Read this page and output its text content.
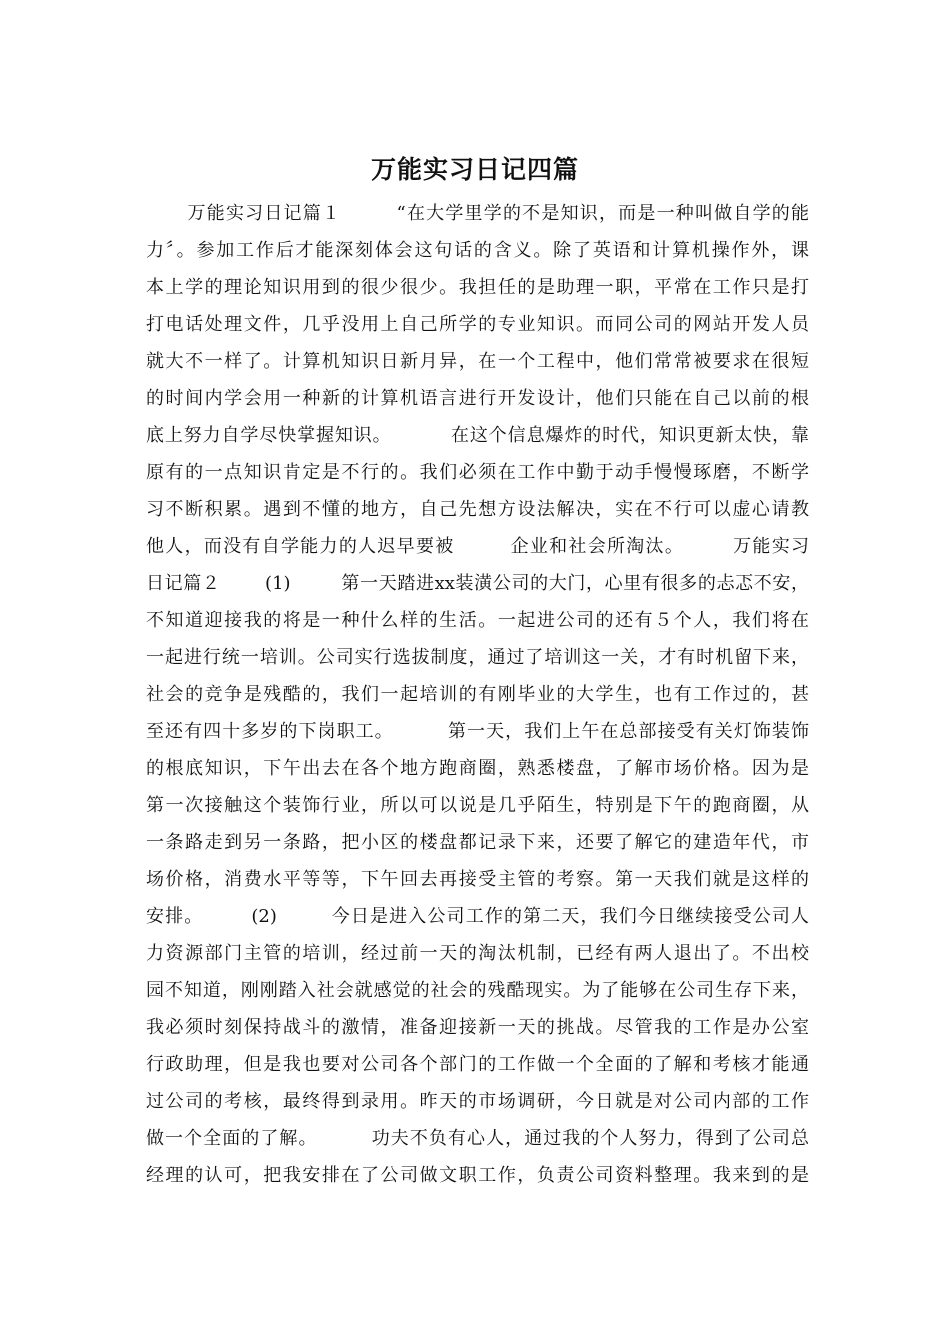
万能实习日记四篇
万能实习日记篇１        “在大学里学的不是知识，而是一种叫做自学的能
力〞。参加工作后才能深刻体会这句话的含义。除了英语和计算机操作外，课
本上学的理论知识用到的很少很少。我担任的是助理一职，平常在工作只是打
打电话处理文件，几乎没用上自己所学的专业知识。而同公司的网站开发人员
就大不一样了。计算机知识日新月异，在一个工程中，他们常常被要求在很短
的时间内学会用一种新的计算机语言进行开发设计，他们只能在自己以前的根
底上努力自学尽快掌握知识。         在这个信息爆炸的时代，知识更新太快，靠
原有的一点知识肯定是不行的。我们必须在工作中勤于动手慢慢琢磨，不断学
习不断积累。遇到不懂的地方，自己先想方设法解决，实在不行可以虚心请教
他人，而没有自学能力的人迟早要被        企业和社会所淘汰。       万能实习
日记篇２       (1)        第一天踏进xx装潢公司的大门，心里有很多的忐忑不安，
不知道迎接我的将是一种什么样的生活。一起进公司的还有５个人，我们将在
一起进行统一培训。公司实行选拔制度，通过了培训这一关，才有时机留下来，
社会的竞争是残酷的，我们一起培训的有刚毕业的大学生，也有工作过的，甚
至还有四十多岁的下岗职工。        第一天，我们上午在总部接受有关灯饰装饰
的根底知识，下午出去在各个地方跑商圈，熟悉楼盘，了解市场价格。因为是
第一次接触这个装饰行业，所以可以说是几乎陌生，特别是下午的跑商圈，从
一条路走到另一条路，把小区的楼盘都记录下来，还要了解它的建造年代，市
场价格，消费水平等等，下午回去再接受主管的考察。第一天我们就是这样的
安排。       (2)        今日是进入公司工作的第二天，我们今日继续接受公司人
力资源部门主管的培训，经过前一天的淘汰机制，已经有两人退出了。不出校
园不知道，刚刚踏入社会就感觉的社会的残酷现实。为了能够在公司生存下来，
我必须时刻保持战斗的激情，准备迎接新一天的挑战。尽管我的工作是办公室
行政助理，但是我也要对公司各个部门的工作做一个全面的了解和考核才能通
过公司的考核，最终得到录用。昨天的市场调研，今日就是对公司内部的工作
做一个全面的了解。        功夫不负有心人，通过我的个人努力，得到了公司总
经理的认可，把我安排在了公司做文职工作，负责公司资料整理。我来到的是
